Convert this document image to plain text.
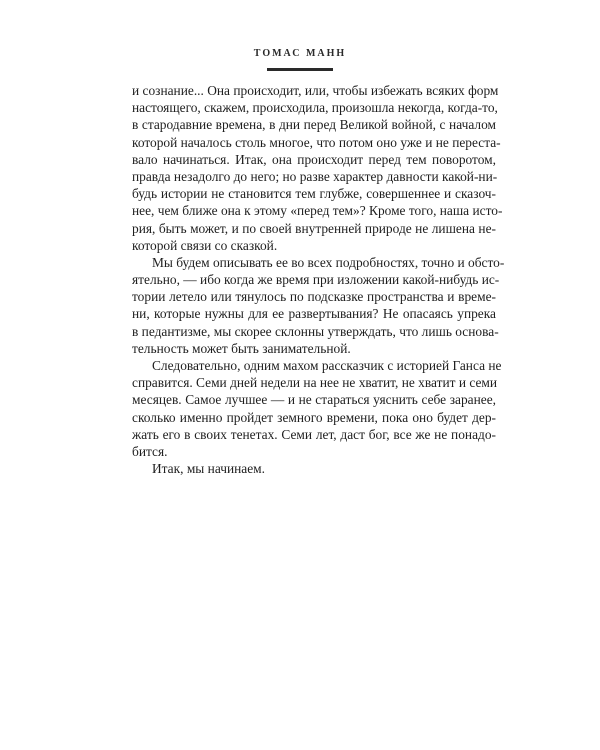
ТОМАС МАНН
и сознание... Она происходит, или, чтобы избежать всяких форм
настоящего, скажем, происходила, произошла некогда, когда-то,
в стародавние времена, в дни перед Великой войной, с началом
которой началось столь многое, что потом оно уже и не переста-
вало начинаться. Итак, она происходит перед тем поворотом,
правда незадолго до него; но разве характер давности какой-ни-
будь истории не становится тем глубже, совершеннее и сказоч-
нее, чем ближе она к этому «перед тем»? Кроме того, наша исто-
рия, быть может, и по своей внутренней природе не лишена не-
которой связи со сказкой.
Мы будем описывать ее во всех подробностях, точно и обсто-
ятельно, — ибо когда же время при изложении какой-нибудь ис-
тории летело или тянулось по подсказке пространства и време-
ни, которые нужны для ее развертывания? Не опасаясь упрека
в педантизме, мы скорее склонны утверждать, что лишь основа-
тельность может быть занимательной.
Следовательно, одним махом рассказчик с историей Ганса не
справится. Семи дней недели на нее не хватит, не хватит и семи
месяцев. Самое лучшее — и не стараться уяснить себе заранее,
сколько именно пройдет земного времени, пока оно будет дер-
жать его в своих тенетах. Семи лет, даст бог, все же не понадо-
бится.
Итак, мы начинаем.
